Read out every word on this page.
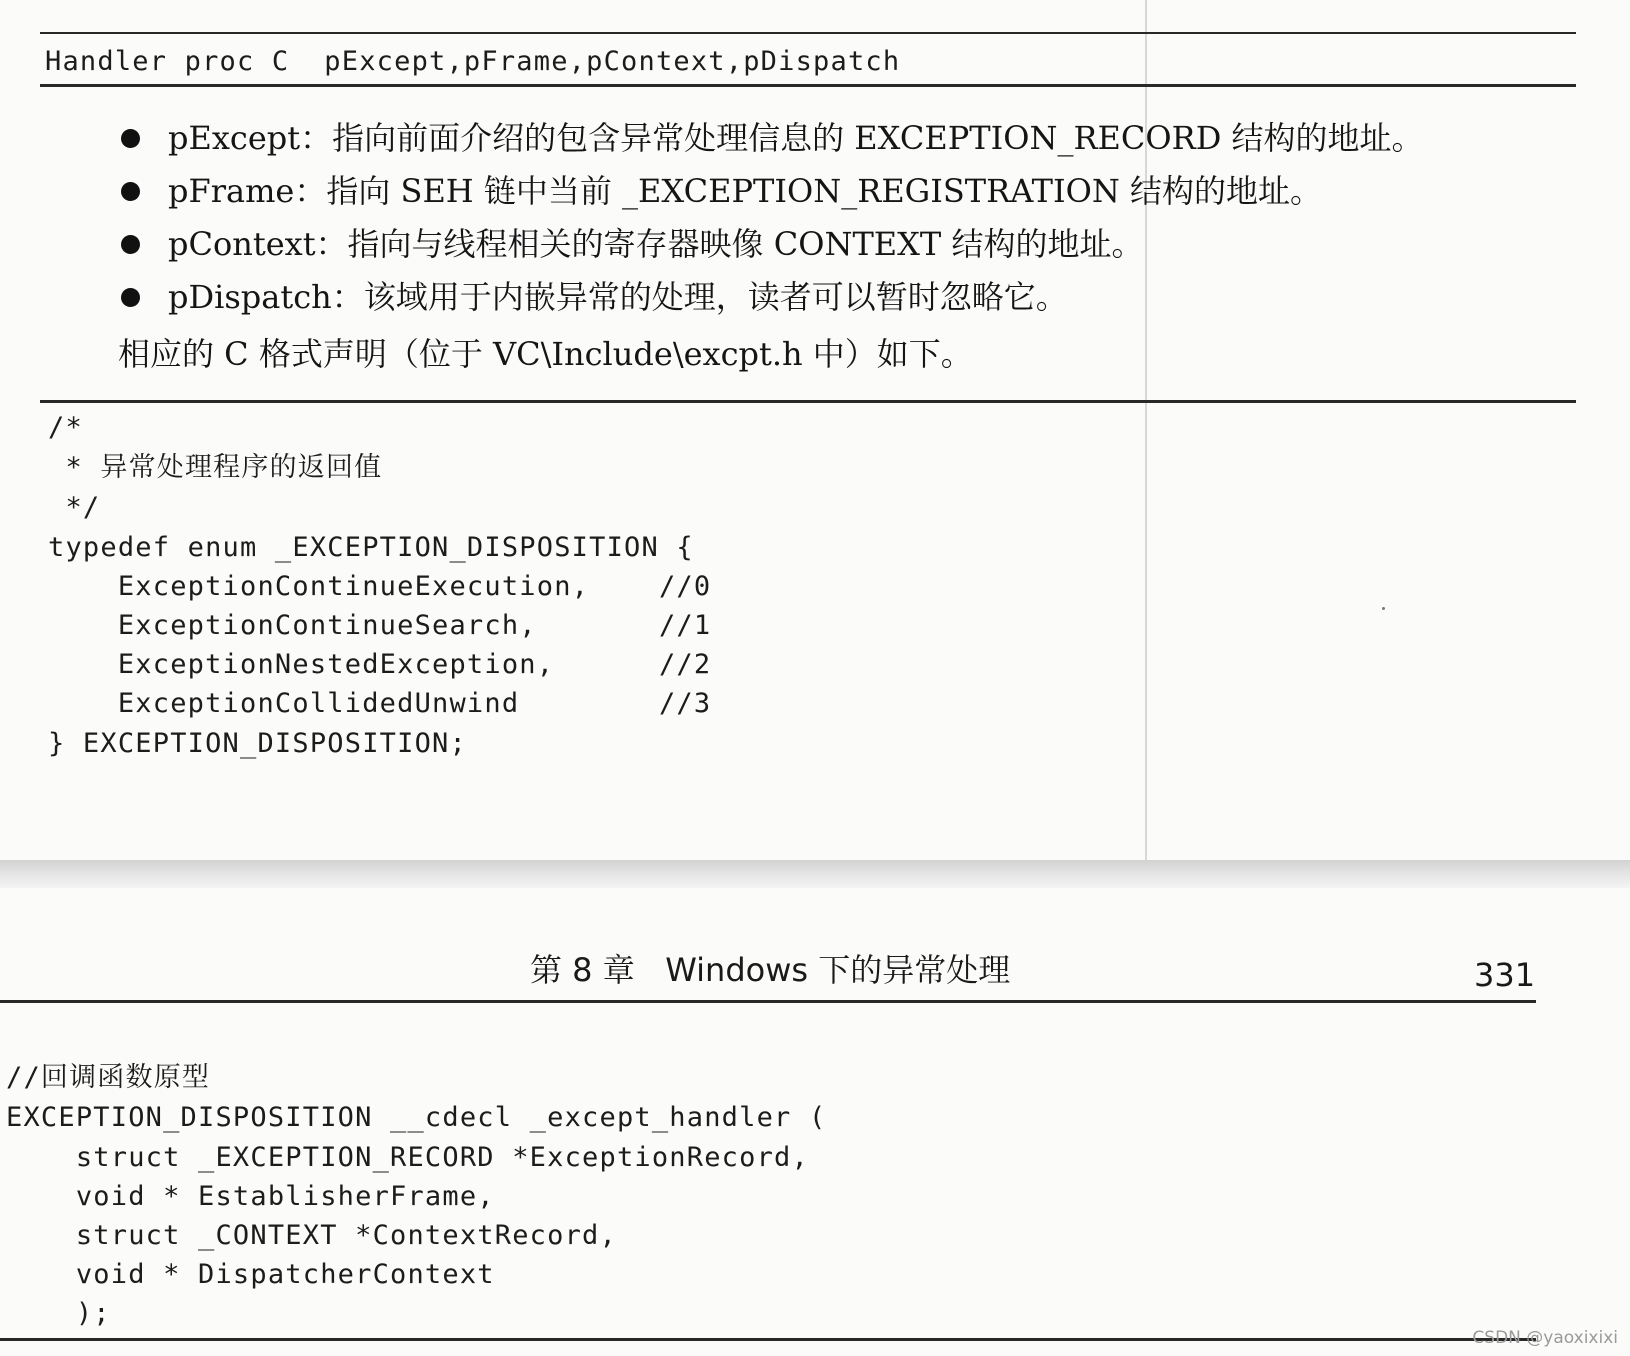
Handler proc C  pExcept,pFrame,pContext,pDispatch
pExcept：指向前面介绍的包含异常处理信息的 EXCEPTION_RECORD 结构的地址。
pFrame：指向 SEH 链中当前 _EXCEPTION_REGISTRATION 结构的地址。
pContext：指向与线程相关的寄存器映像 CONTEXT 结构的地址。
pDispatch：该域用于内嵌异常的处理，读者可以暂时忽略它。
相应的 C 格式声明（位于 VC\Include\excpt.h 中）如下。
/*
* 异常处理程序的返回值
*/
typedef enum _EXCEPTION_DISPOSITION {
ExceptionContinueExecution,    //0
ExceptionContinueSearch,       //1
ExceptionNestedException,      //2
ExceptionCollidedUnwind        //3
} EXCEPTION_DISPOSITION;
第 8 章   Windows 下的异常处理	331
//回调函数原型
EXCEPTION_DISPOSITION __cdecl _except_handler (
struct _EXCEPTION_RECORD *ExceptionRecord,
void * EstablisherFrame,
struct _CONTEXT *ContextRecord,
void * DispatcherContext
);
CSDN @yaoxixixi
